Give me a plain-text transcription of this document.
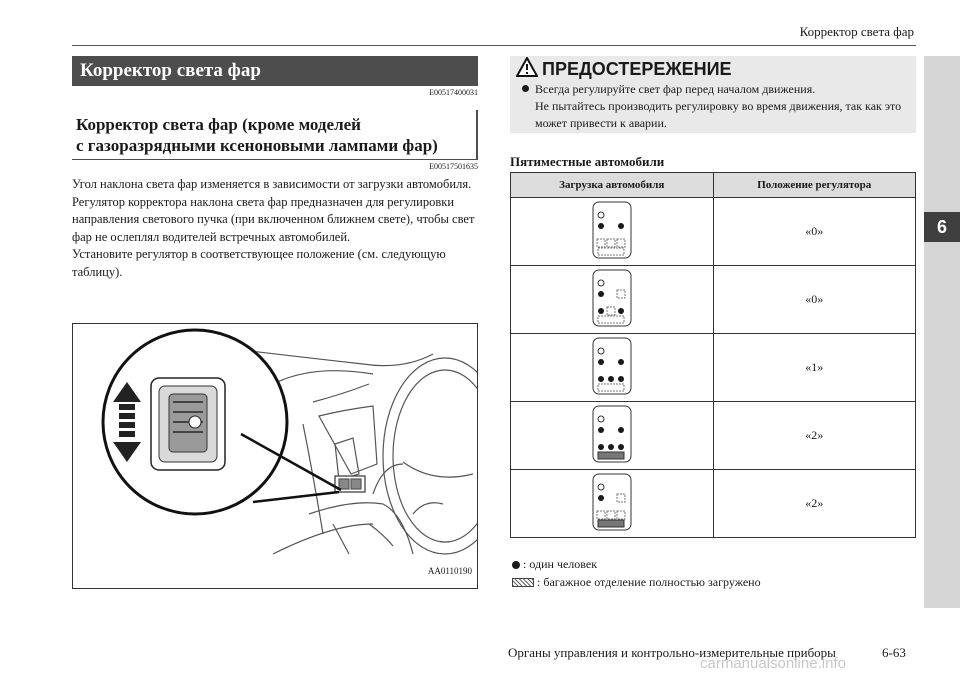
Корректор света фар
6
Корректор света фар
E00517400031
Корректор света фар (кроме моделей
с газоразрядными ксеноновыми лампами фар)
E00517501635

Угол наклона света фар изменяется в зависимости от загрузки автомобиля.

Регулятор корректора наклона света фар предназначен для регулировки направления светового пучка (при включенном ближнем свете), чтобы свет фар не ослеплял водителей встречных автомобилей.

Установите регулятор в соответствующее положение (см. следующую таблицу).

AA0110190
ПРЕДОСТЕРЕЖЕНИЕ
Всегда регулируйте свет фар перед началом движения.
Не пытайтесь производить регулировку во время движения, так как это может привести к аварии.
Пятиместные автомобили
Загрузка автомобиля	Положение регулятора
	«0»
	«0»
	«1»
	«2»
	«2»
: один человек
: багажное отделение полностью загружено
Органы управления и контрольно-измерительные приборы	6-63
carmanualsonline.info
